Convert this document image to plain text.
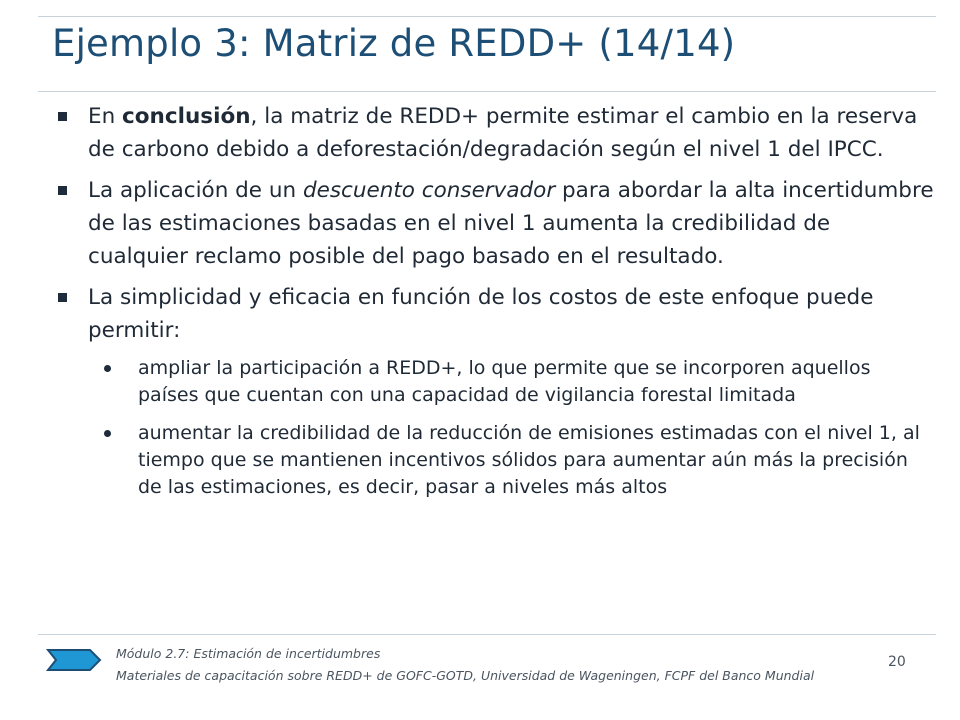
Ejemplo 3: Matriz de REDD+ (14/14)
En conclusión, la matriz de REDD+ permite estimar el cambio en la reserva de carbono debido a deforestación/degradación según el nivel 1 del IPCC.
La aplicación de un descuento conservador para abordar la alta incertidumbre de las estimaciones basadas en el nivel 1 aumenta la credibilidad de cualquier reclamo posible del pago basado en el resultado.
La simplicidad y eficacia en función de los costos de este enfoque puede permitir:
ampliar la participación a REDD+, lo que permite que se incorporen aquellos países que cuentan con una capacidad de vigilancia forestal limitada
aumentar la credibilidad de la reducción de emisiones estimadas con el nivel 1, al tiempo que se mantienen incentivos sólidos para aumentar aún más la precisión de las estimaciones, es decir, pasar a niveles más altos
Módulo 2.7: Estimación de incertidumbres
Materiales de capacitación sobre REDD+ de GOFC-GOTD, Universidad de Wageningen, FCPF del Banco Mundial
20
